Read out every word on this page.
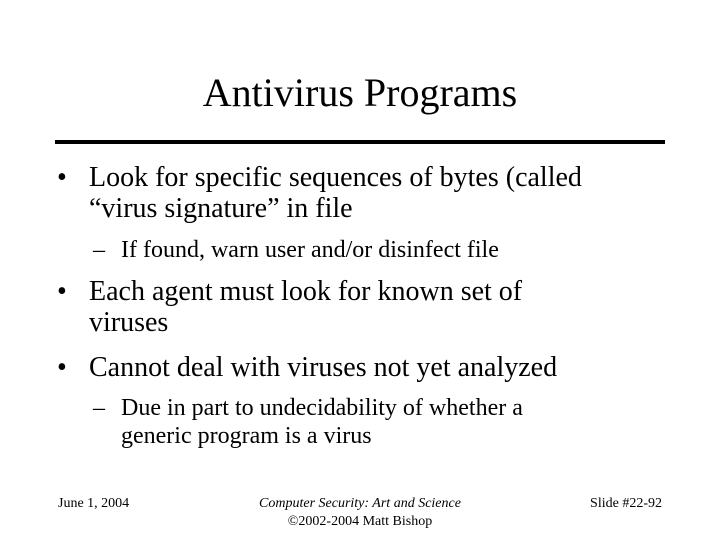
Antivirus Programs
• Look for specific sequences of bytes (called
“virus signature” in file
– If found, warn user and/or disinfect file
• Each agent must look for known set of
viruses
• Cannot deal with viruses not yet analyzed
– Due in part to undecidability of whether a
generic program is a virus
June 1, 2004	Computer Security: Art and Science
©2002-2004 Matt Bishop
Slide #22-92
